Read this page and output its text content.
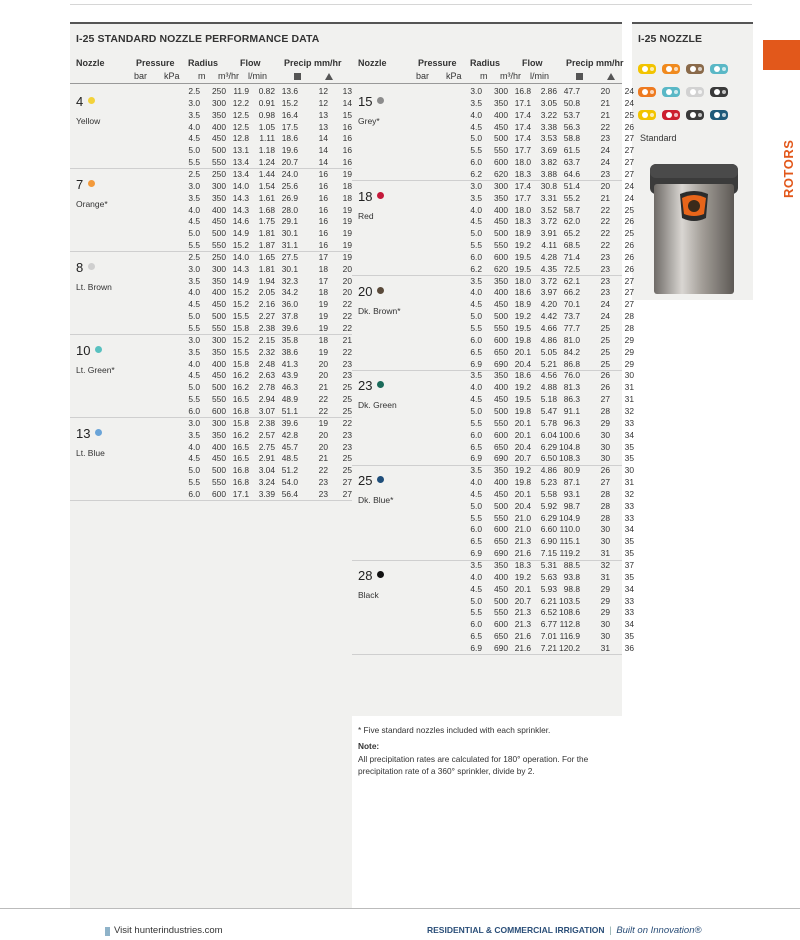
I-25 STANDARD NOZZLE PERFORMANCE DATA	I-25 NOZZLE
Standard
ROTORS
Nozzle	Pressure Radius Flow	Precip mm/hr
bar kPa m m³/hr l/min
Nozzle	Pressure Radius Flow	Precip mm/hr
bar kPa m m³/hr l/min
4
Yellow
2.5	250 11.9	0.82 13.6	12	13
3.0	300 12.2	0.91 15.2	12	14
3.5	350 12.5	0.98 16.4	13	15
4.0	400 12.5	1.05 17.5	13	16
4.5	450 12.8	1.11 18.6	14	16
5.0	500 13.1	1.18 19.6	14	16
5.5	550 13.4	1.24 20.7	14	16
7
Orange*
2.5	250 13.4	1.44 24.0	16	19
3.0	300 14.0	1.54 25.6	16	18
3.5	350 14.3	1.61 26.9	16	18
4.0	400 14.3	1.68 28.0	16	19
4.5	450 14.6	1.75 29.1	16	19
5.0	500 14.9	1.81 30.1	16	19
5.5	550 15.2	1.87 31.1	16	19
8
Lt. Brown
2.5	250 14.0	1.65 27.5	17	19
3.0	300 14.3	1.81 30.1	18	20
3.5	350 14.9	1.94 32.3	17	20
4.0	400 15.2	2.05 34.2	18	20
4.5	450 15.2	2.16 36.0	19	22
5.0	500 15.5	2.27 37.8	19	22
5.5	550 15.8	2.38 39.6	19	22
10
Lt. Green*
3.0	300 15.2	2.15 35.8	18	21
3.5	350 15.5	2.32 38.6	19	22
4.0	400 15.8	2.48 41.3	20	23
4.5	450 16.2	2.63 43.9	20	23
5.0	500 16.2	2.78 46.3	21	25
5.5	550 16.5	2.94 48.9	22	25
6.0	600 16.8	3.07 51.1	22	25
13
Lt. Blue
3.0	300 15.8	2.38 39.6	19	22
3.5	350 16.2	2.57 42.8	20	23
4.0	400 16.5	2.75 45.7	20	23
4.5	450 16.5	2.91 48.5	21	25
5.0	500 16.8	3.04 51.2	22	25
5.5	550 16.8	3.24 54.0	23	27
6.0	600 17.1	3.39 56.4	23	27
15
Grey*
3.0	300 16.8	2.86 47.7	20	24
3.5	350 17.1	3.05 50.8	21	24
4.0	400 17.4	3.22 53.7	21	25
4.5	450 17.4	3.38 56.3	22	26
5.0	500 17.4	3.53 58.8	23	27
5.5	550 17.7	3.69 61.5	24	27
6.0	600 18.0	3.82 63.7	24	27
6.2	620 18.3	3.88 64.6	23	27
18
Red
3.0	300 17.4	30.8 51.4	20	24
3.5	350 17.7	3.31 55.2	21	24
4.0	400 18.0	3.52 58.7	22	25
4.5	450 18.3	3.72 62.0	22	26
5.0	500 18.9	3.91 65.2	22	25
5.5	550 19.2	4.11 68.5	22	26
6.0	600 19.5	4.28 71.4	23	26
6.2	620 19.5	4.35 72.5	23	26
20
Dk. Brown*
3.5	350 18.0	3.72 62.1	23	27
4.0	400 18.6	3.97 66.2	23	27
4.5	450 18.9	4.20 70.1	24	27
5.0	500 19.2	4.42 73.7	24	28
5.5	550 19.5	4.66 77.7	25	28
6.0	600 19.8	4.86 81.0	25	29
6.5	650 20.1	5.05 84.2	25	29
6.9	690 20.4	5.21 86.8	25	29
23
Dk. Green
3.5	350 18.6	4.56 76.0	26	30
4.0	400 19.2	4.88 81.3	26	31
4.5	450 19.5	5.18 86.3	27	31
5.0	500 19.8	5.47 91.1	28	32
5.5	550 20.1	5.78 96.3	29	33
6.0	600 20.1	6.04 100.6	30	34
6.5	650 20.4	6.29 104.8	30	35
6.9	690 20.7	6.50 108.3	30	35
25
Dk. Blue*
3.5	350 19.2	4.86 80.9	26	30
4.0	400 19.8	5.23 87.1	27	31
4.5	450 20.1	5.58 93.1	28	32
5.0	500 20.4	5.92 98.7	28	33
5.5	550 21.0	6.29 104.9	28	33
6.0	600 21.0	6.60 110.0	30	34
6.5	650 21.3	6.90 115.1	30	35
6.9	690 21.6	7.15 119.2	31	35
28
Black
3.5	350 18.3	5.31 88.5	32	37
4.0	400 19.2	5.63 93.8	31	35
4.5	450 20.1	5.93 98.8	29	34
5.0	500 20.7	6.21 103.5	29	33
5.5	550 21.3	6.52 108.6	29	33
6.0	600 21.3	6.77 112.8	30	34
6.5	650 21.6	7.01 116.9	30	35
6.9	690 21.6	7.21 120.2	31	36
* Five standard nozzles included with each sprinkler.
Note:
All precipitation rates are calculated for 180° operation. For the
precipitation rate of a 360° sprinkler, divide by 2.
Visit hunterindustries.com	RESIDENTIAL & COMMERCIAL IRRIGATION | Built on Innovation®
